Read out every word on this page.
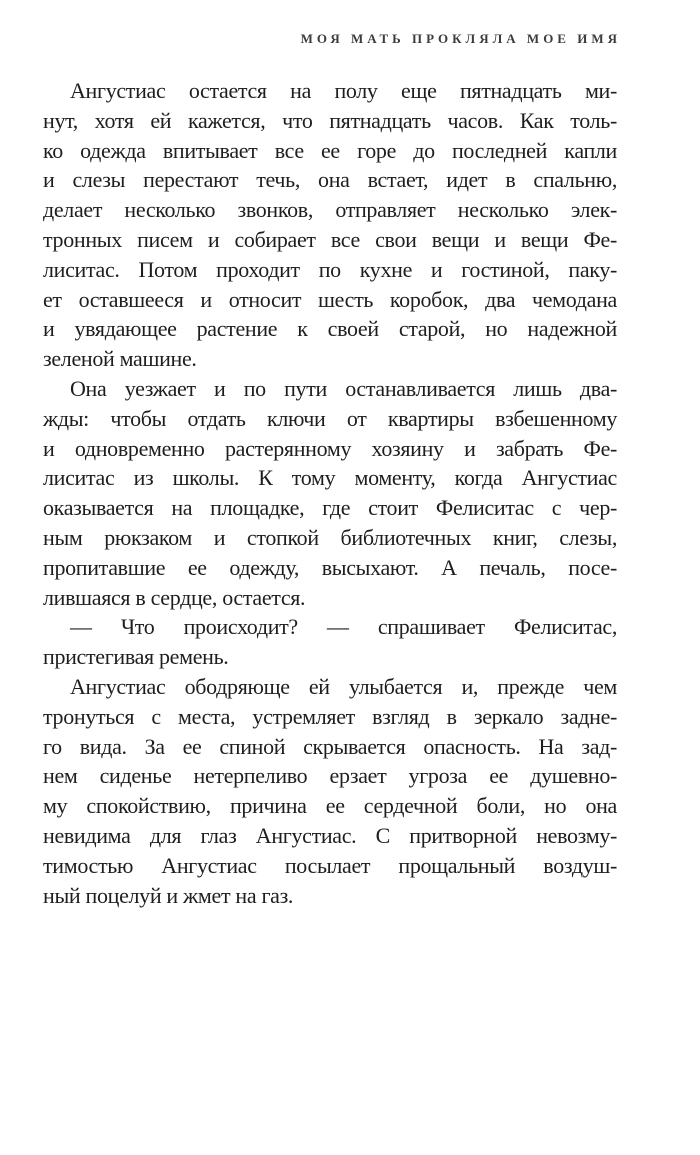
МОЯ МАТЬ ПРОКЛЯЛА МОЕ ИМЯ
Ангустиас остается на полу еще пятнадцать ми-
нут, хотя ей кажется, что пятнадцать часов. Как толь-
ко одежда впитывает все ее горе до последней капли
и слезы перестают течь, она встает, идет в спальню,
делает несколько звонков, отправляет несколько элек-
тронных писем и собирает все свои вещи и вещи Фе-
лиситас. Потом проходит по кухне и гостиной, паку-
ет оставшееся и относит шесть коробок, два чемодана
и увядающее растение к своей старой, но надежной
зеленой машине.
Она уезжает и по пути останавливается лишь два-
жды: чтобы отдать ключи от квартиры взбешенному
и одновременно растерянному хозяину и забрать Фе-
лиситас из школы. К тому моменту, когда Ангустиас
оказывается на площадке, где стоит Фелиситас с чер-
ным рюкзаком и стопкой библиотечных книг, слезы,
пропитавшие ее одежду, высыхают. А печаль, посе-
лившаяся в сердце, остается.
— Что происходит? — спрашивает Фелиситас,
пристегивая ремень.
Ангустиас ободряюще ей улыбается и, прежде чем
тронуться с места, устремляет взгляд в зеркало задне-
го вида. За ее спиной скрывается опасность. На зад-
нем сиденье нетерпеливо ерзает угроза ее душевно-
му спокойствию, причина ее сердечной боли, но она
невидима для глаз Ангустиас. С притворной невозму-
тимостью Ангустиас посылает прощальный воздуш-
ный поцелуй и жмет на газ.
